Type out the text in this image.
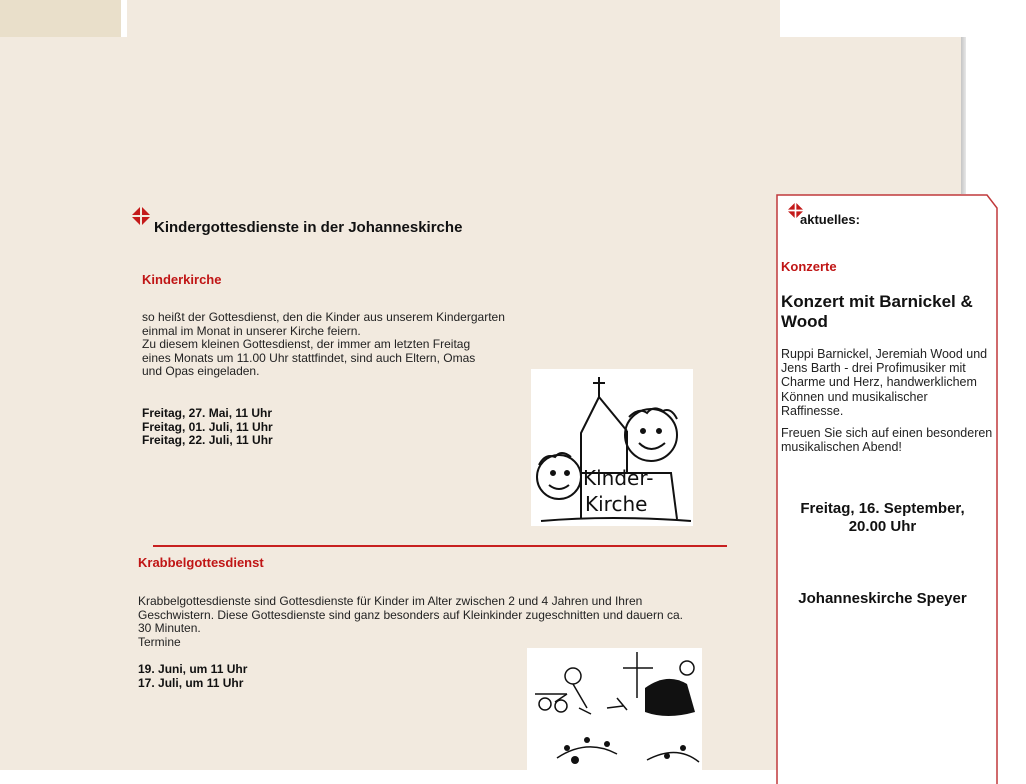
Kindergottesdienste in der Johanneskirche
Kinderkirche
so heißt der Gottesdienst, den die Kinder aus unserem Kindergarten
einmal im Monat in unserer Kirche feiern.
Zu diesem kleinen Gottesdienst, der immer am letzten Freitag
eines Monats um 11.00 Uhr stattfindet, sind auch Eltern, Omas
und Opas eingeladen.
Freitag, 27. Mai, 11 Uhr
Freitag, 01. Juli, 11 Uhr
Freitag, 22. Juli, 11 Uhr
Kinder-
Kirche
Krabbelgottesdienst
Krabbelgottesdienste sind Gottesdienste für Kinder im Alter zwischen 2 und 4 Jahren und Ihren
Geschwistern. Diese Gottesdienste sind ganz besonders auf Kleinkinder zugeschnitten und dauern ca.
30 Minuten.
Termine
19. Juni, um 11 Uhr
17. Juli, um 11 Uhr
aktuelles:
Konzerte
Konzert mit Barnickel & Wood
Ruppi Barnickel, Jeremiah Wood und Jens Barth - drei Profimusiker mit Charme und Herz, handwerklichem Können und musikalischer Raffinesse.
Freuen Sie sich auf einen besonderen musikalischen Abend!
Freitag, 16. September,
20.00 Uhr
Johanneskirche Speyer
